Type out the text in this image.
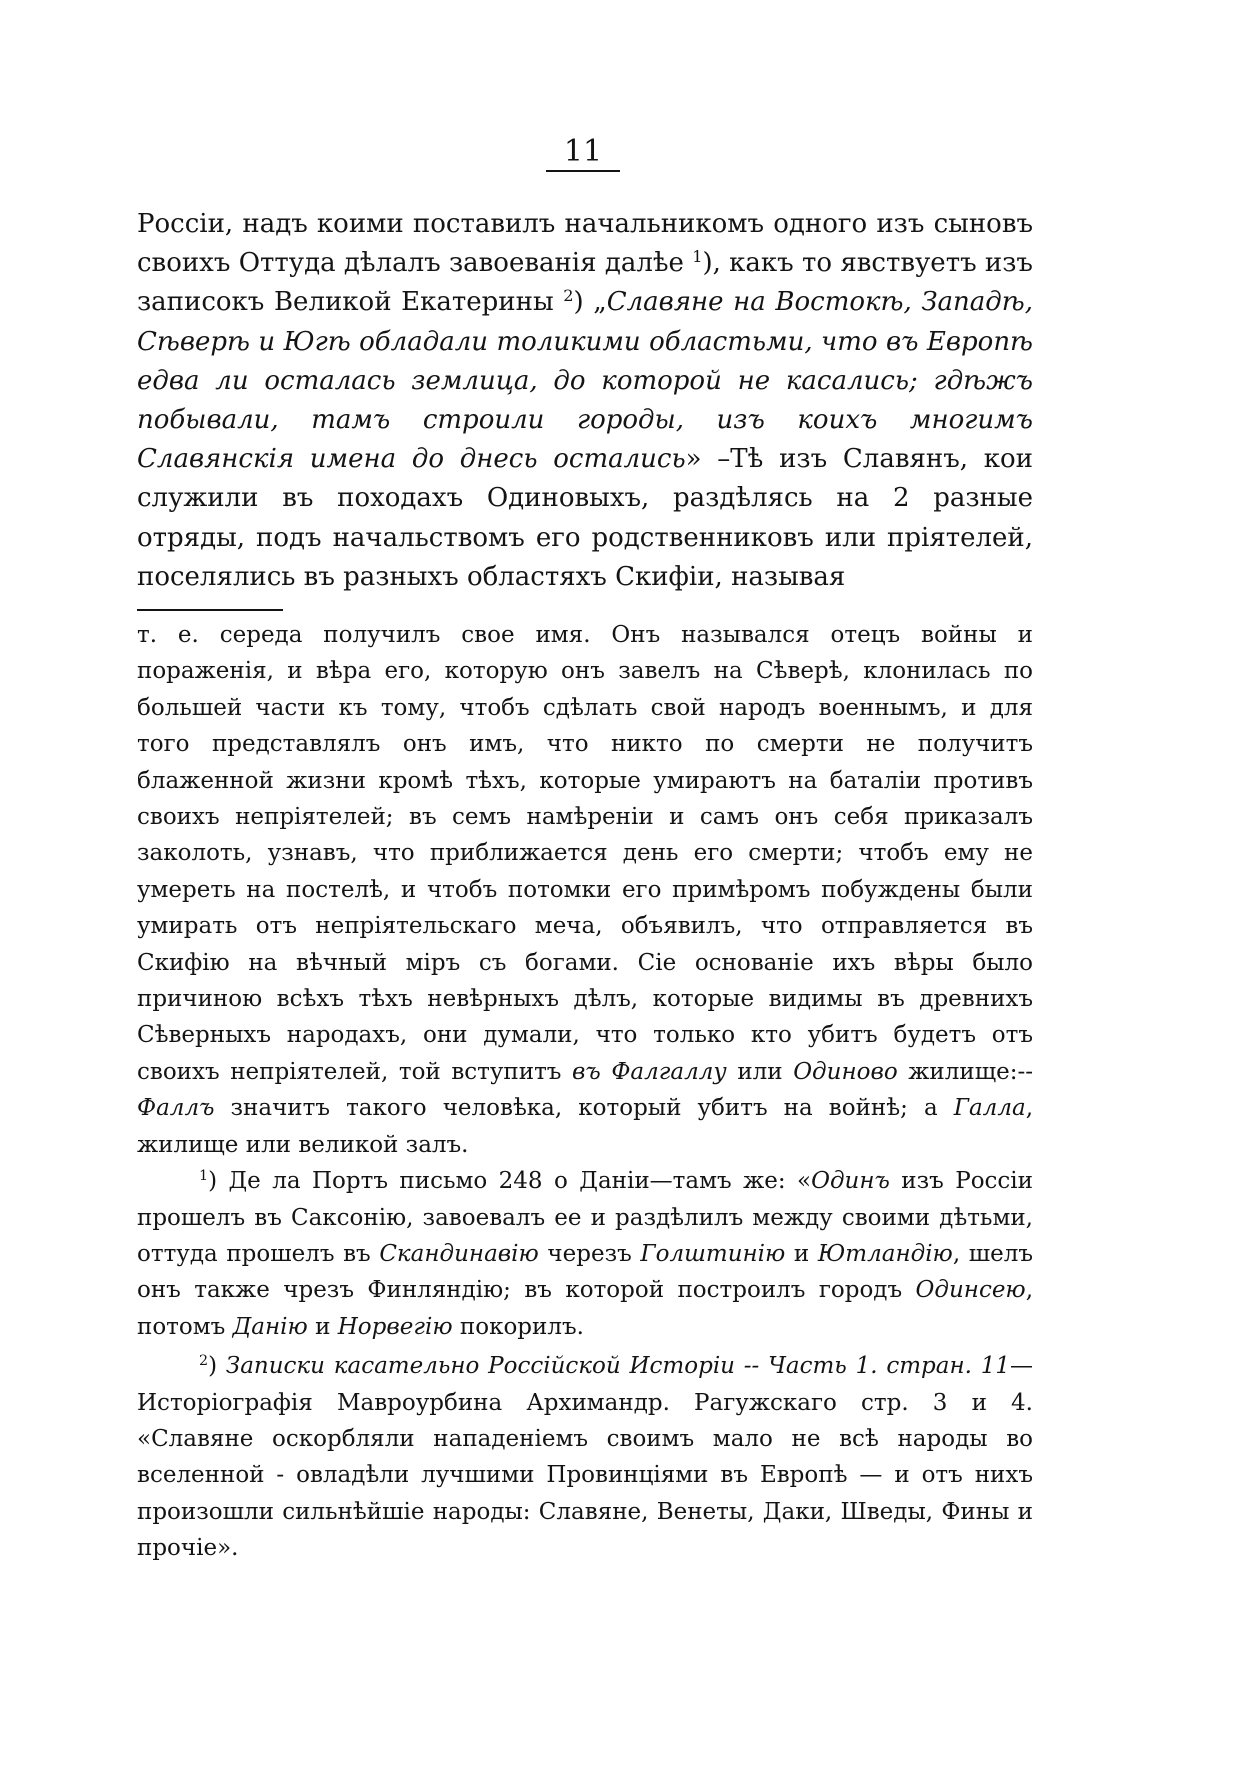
11

Россіи, надъ коими поставилъ начальникомъ одного изъ сыновъ своихъ Оттуда дѣлалъ завоеванія далѣе $^1$), какъ то явствуетъ изъ записокъ Великой Екатерины $^2$) „Славяне на Востокѣ, Западѣ, Сѣверѣ и Югѣ обладали толикими областьми, что въ Европѣ едва ли осталась землица, до которой не касались; гдѣжъ побывали, тамъ строили городы, изъ коихъ многимъ Славянскія имена до днесь остались» –Тѣ изъ Славянъ, кои служили въ походахъ Одиновыхъ, раздѣлясь на 2 разные отряды, подъ начальствомъ его родственниковъ или пріятелей, поселялись въ разныхъ областяхъ Скифіи, называя

т. е. середа получилъ свое имя. Онъ назывался отецъ войны и пораженія, и вѣра его, которую онъ завелъ на Сѣверѣ, клонилась по большей части къ тому, чтобъ сдѣлать свой народъ военнымъ, и для того представлялъ онъ имъ, что никто по смерти не получитъ блаженной жизни кромѣ тѣхъ, которые умираютъ на баталіи противъ своихъ непріятелей; въ семъ намѣреніи и самъ онъ себя приказалъ заколоть, узнавъ, что приближается день его смерти; чтобъ ему не умереть на постелѣ, и чтобъ потомки его примѣромъ побуждены были умирать отъ непріятельскаго меча, объявилъ, что отправляется въ Скифію на вѣчный міръ съ богами. Сіе основаніе ихъ вѣры было причиною всѣхъ тѣхъ невѣрныхъ дѣлъ, которые видимы въ древнихъ Сѣверныхъ народахъ, они думали, что только кто убитъ будетъ отъ своихъ непріятелей, той вступитъ въ Фалгаллу или Одиново жилище:--Фаллъ значитъ такого человѣка, который убитъ на войнѣ; а Галла, жилище или великой залъ.

$^1$) Де ла Портъ письмо 248 о Даніи—тамъ же: «Одинъ изъ Россіи прошелъ въ Саксонію, завоевалъ ее и раздѣлилъ между своими дѣтьми, оттуда прошелъ въ Скандинавію черезъ Голштинію и Ютландію, шелъ онъ также чрезъ Финляндію; въ которой построилъ городъ Одинсею, потомъ Данію и Норвегію покорилъ.

$^2$) Записки касательно Россійской Исторіи -- Часть 1. стран. 11—Исторіографія Мавроурбина Архимандр. Рагужскаго стр. 3 и 4. «Славяне оскорбляли нападеніемъ своимъ мало не всѣ народы во вселенной - овладѣли лучшими Провинціями въ Европѣ — и отъ нихъ произошли сильнѣйшіе народы: Славяне, Венеты, Даки, Шведы, Фины и прочіе».
